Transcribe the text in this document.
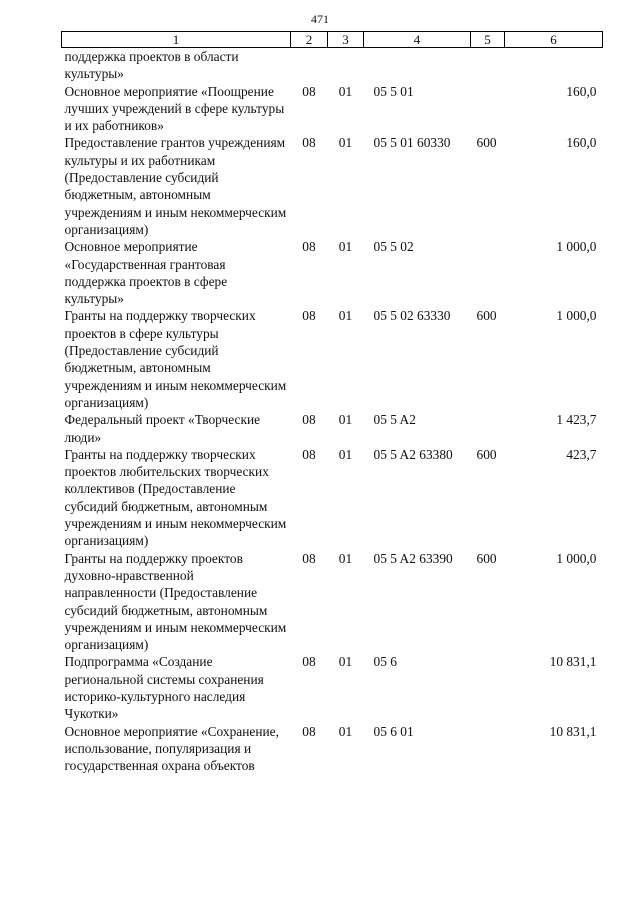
471
1	2	3	4	5	6
поддержка проектов в области культуры»					
Основное мероприятие «Поощрение лучших учреждений в сфере культуры и их работников»	08	01	05 5 01		160,0
Предоставление грантов учреждениям культуры и их работникам (Предоставление субсидий бюджетным, автономным учреждениям и иным некоммерческим организациям)	08	01	05 5 01 60330	600	160,0
Основное мероприятие «Государственная грантовая поддержка проектов в сфере культуры»	08	01	05 5 02		1 000,0
Гранты на поддержку творческих проектов в сфере культуры (Предоставление субсидий бюджетным, автономным учреждениям и иным некоммерческим организациям)	08	01	05 5 02 63330	600	1 000,0
Федеральный проект «Творческие люди»	08	01	05 5 A2		1 423,7
Гранты на поддержку творческих проектов любительских творческих коллективов (Предоставление субсидий бюджетным, автономным учреждениям и иным некоммерческим организациям)	08	01	05 5 A2 63380	600	423,7
Гранты на поддержку проектов духовно-нравственной направленности (Предоставление субсидий бюджетным, автономным учреждениям и иным некоммерческим организациям)	08	01	05 5 A2 63390	600	1 000,0
Подпрограмма «Создание региональной системы сохранения историко-культурного наследия Чукотки»	08	01	05 6		10 831,1
Основное мероприятие «Сохранение, использование, популяризация и государственная охрана объектов	08	01	05 6 01		10 831,1
